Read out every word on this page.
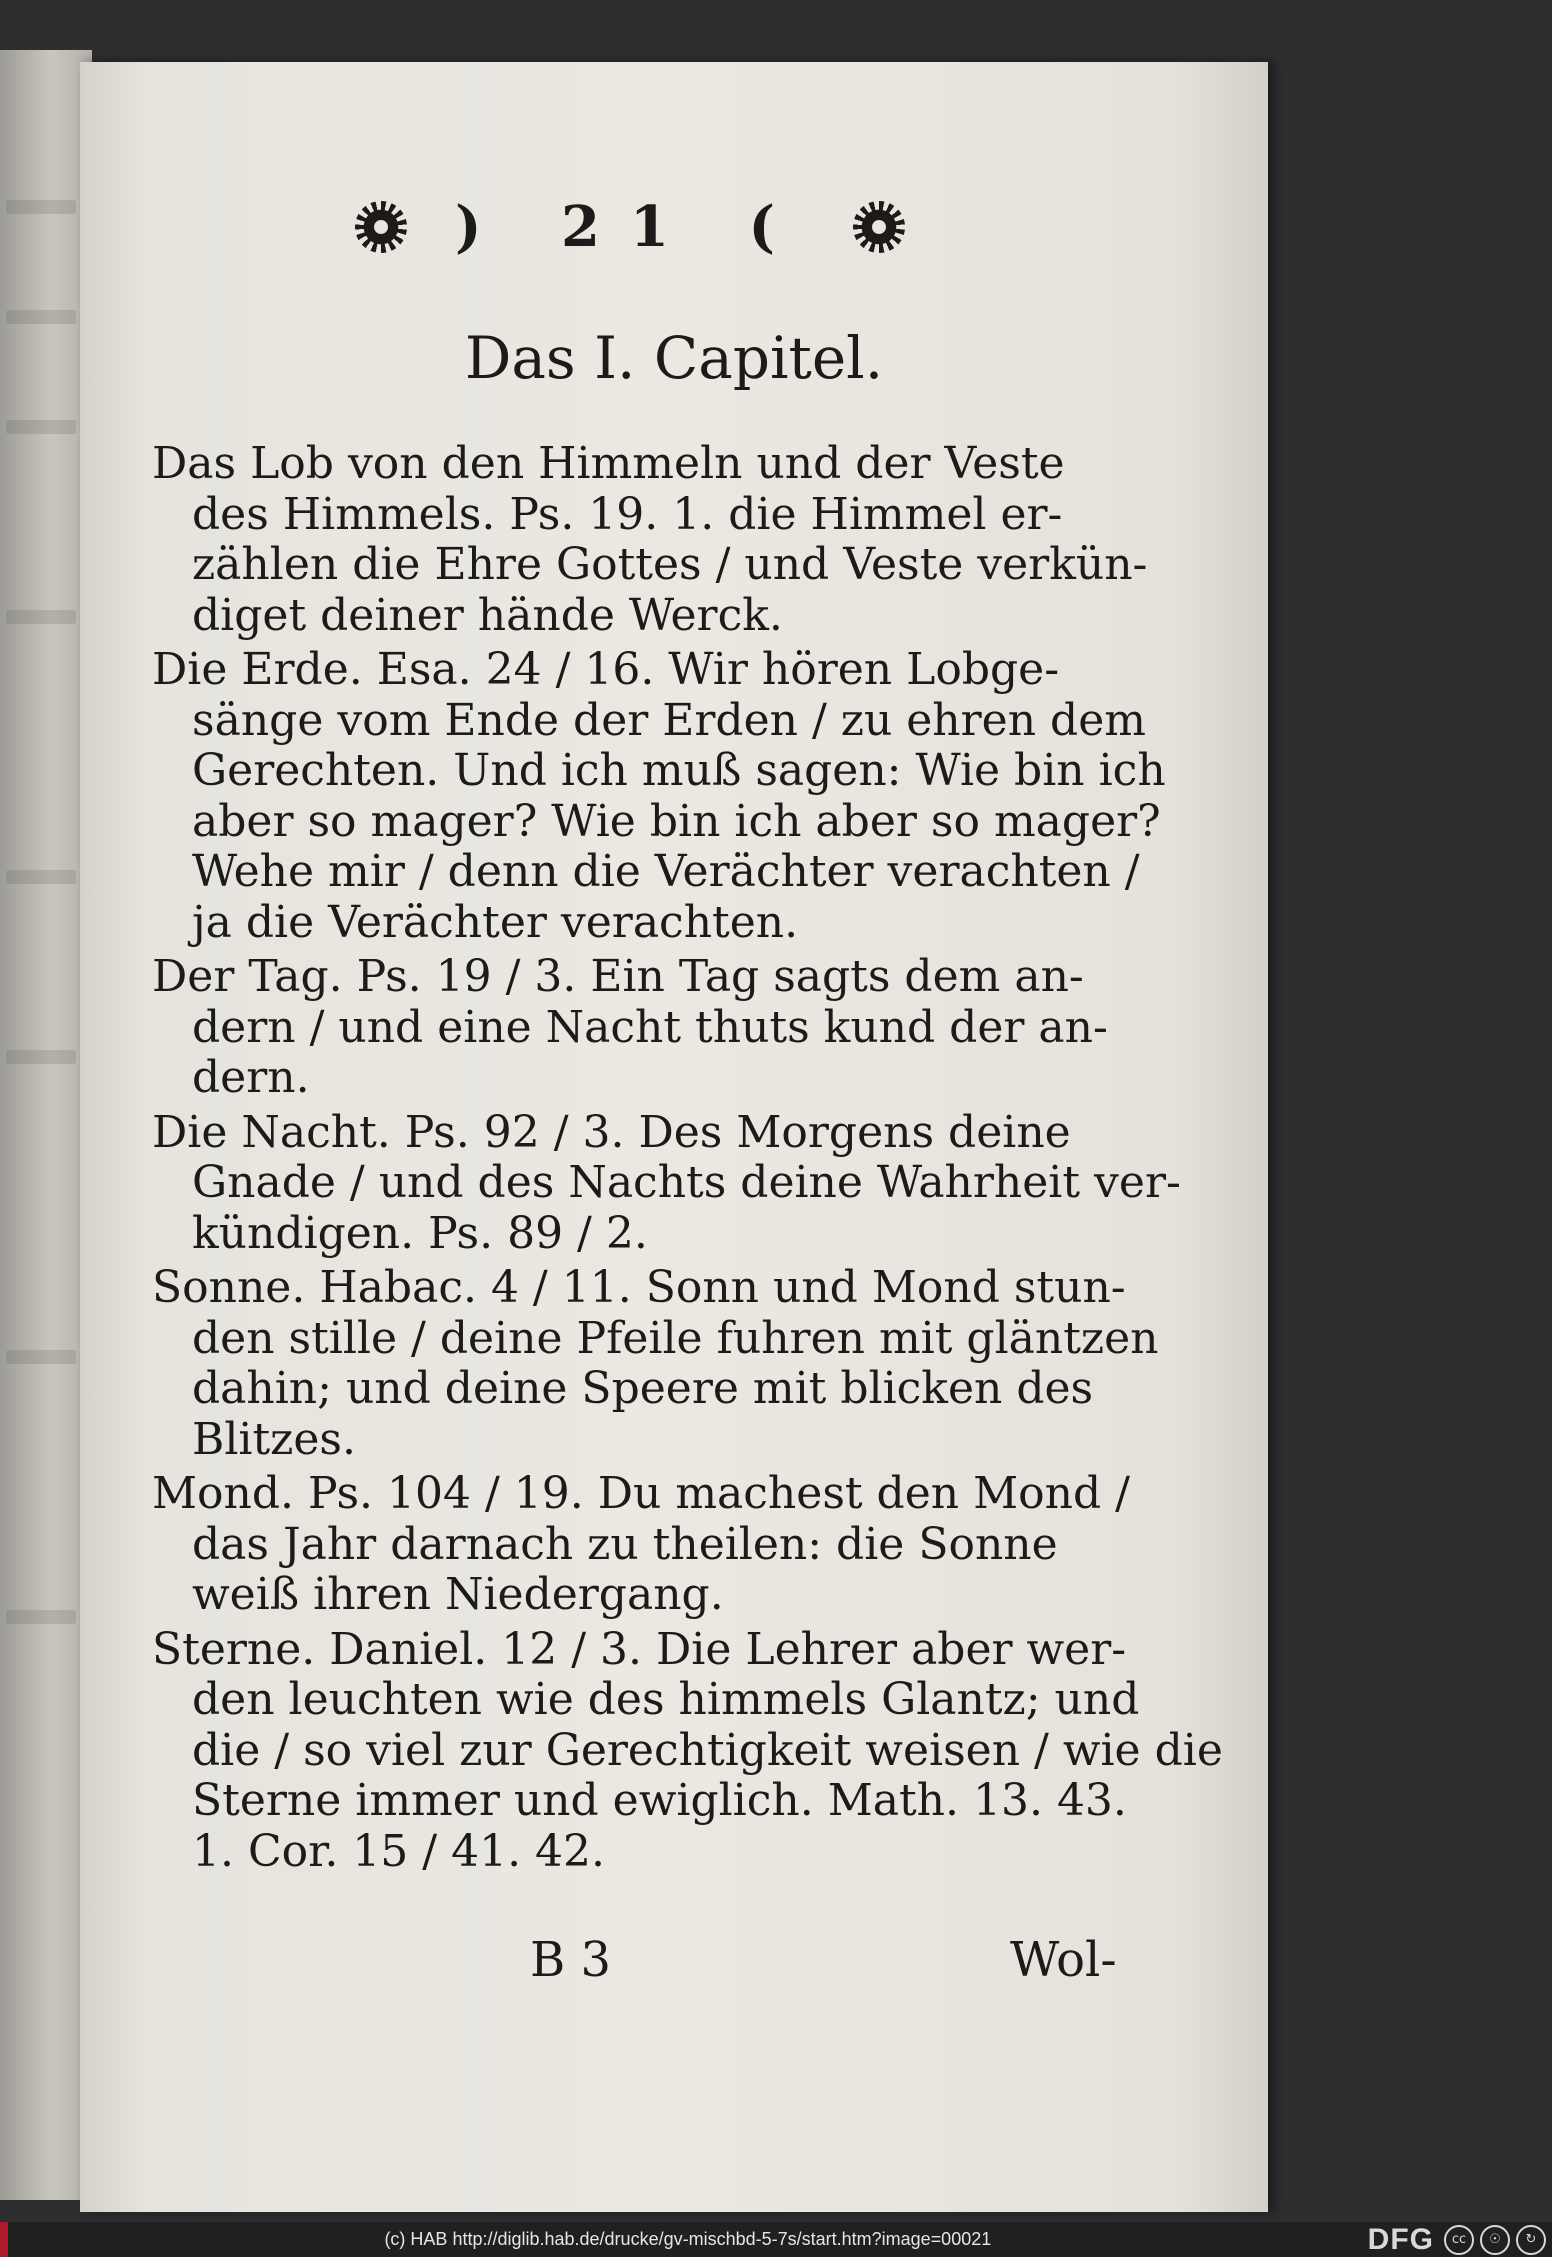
) 21 (
Das I. Capitel.
Das Lob von den Himmeln und der Veste
des Himmels. Ps. 19. 1. die Himmel er-
zählen die Ehre Gottes / und Veste verkün-
diget deiner hände Werck.
Die Erde. Esa. 24 / 16. Wir hören Lobge-
sänge vom Ende der Erden / zu ehren dem
Gerechten. Und ich muß sagen: Wie bin ich
aber so mager? Wie bin ich aber so mager?
Wehe mir / denn die Verächter verachten /
ja die Verächter verachten.
Der Tag. Ps. 19 / 3. Ein Tag sagts dem an-
dern / und eine Nacht thuts kund der an-
dern.
Die Nacht. Ps. 92 / 3. Des Morgens deine
Gnade / und des Nachts deine Wahrheit ver-
kündigen. Ps. 89 / 2.
Sonne. Habac. 4 / 11. Sonn und Mond stun-
den stille / deine Pfeile fuhren mit gläntzen
dahin; und deine Speere mit blicken des
Blitzes.
Mond. Ps. 104 / 19. Du machest den Mond /
das Jahr darnach zu theilen: die Sonne
weiß ihren Niedergang.
Sterne. Daniel. 12 / 3. Die Lehrer aber wer-
den leuchten wie des himmels Glantz; und
die / so viel zur Gerechtigkeit weisen / wie die
Sterne immer und ewiglich. Math. 13. 43.
1. Cor. 15 / 41. 42.
B 3	Wol-
(c) HAB http://diglib.hab.de/drucke/gv-mischbd-5-7s/start.htm?image=00021	DFG	cc	☉	↻
